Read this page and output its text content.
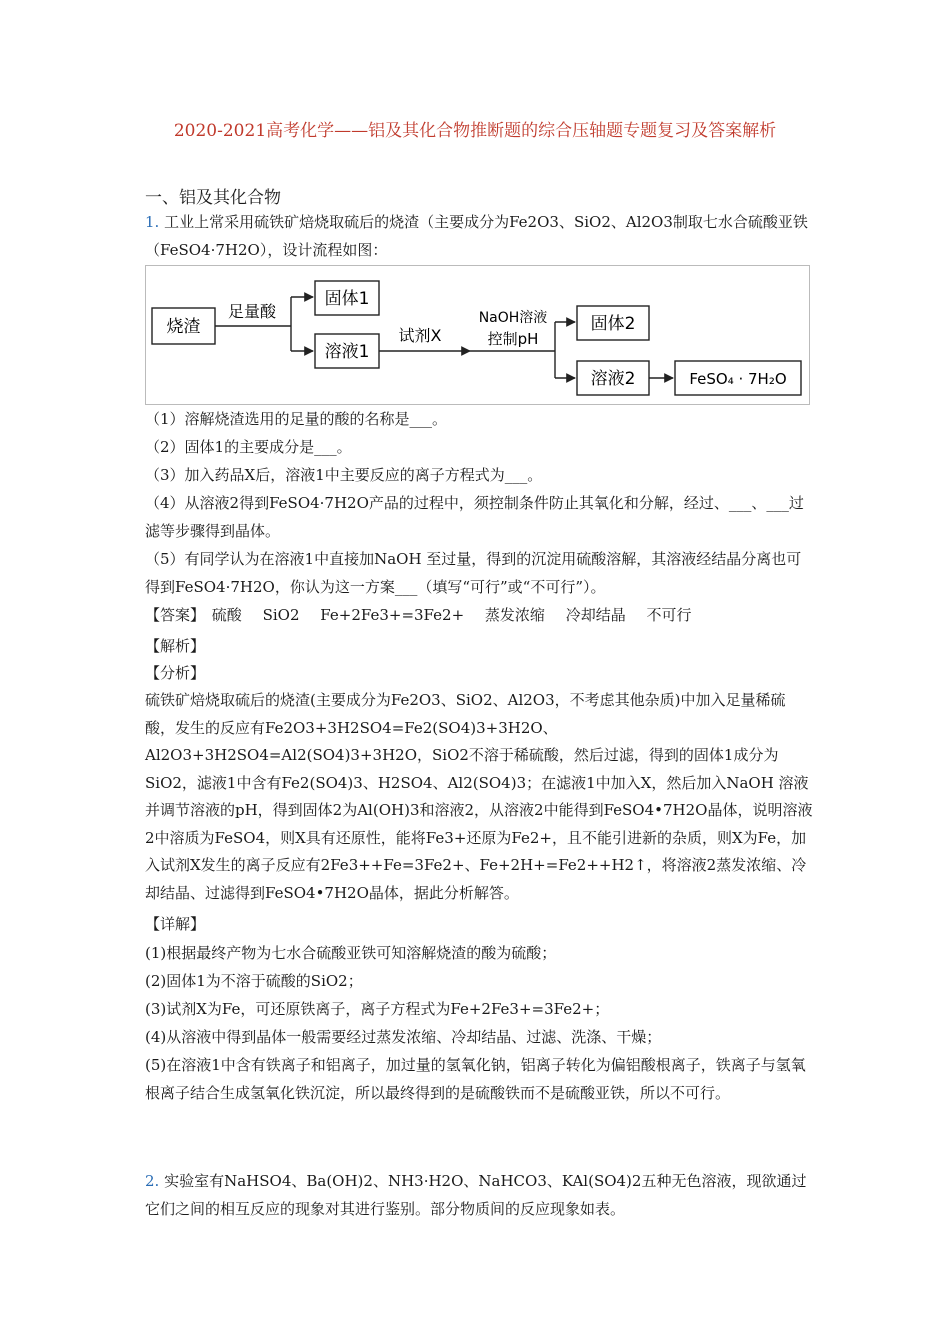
2020-2021高考化学——铝及其化合物推断题的综合压轴题专题复习及答案解析
一、铝及其化合物
1. 工业上常采用硫铁矿焙烧取硫后的烧渣（主要成分为Fe2O3、SiO2、Al2O3制取七水合硫酸亚铁（FeSO4·7H2O），设计流程如图：
烧渣
足量酸
固体1
溶液1
试剂X
NaOH溶液
控制pH
固体2
溶液2	FeSO₄ · 7H₂O
（1）溶解烧渣选用的足量的酸的名称是___。
（2）固体1的主要成分是___。
（3）加入药品X后，溶液1中主要反应的离子方程式为___。
（4）从溶液2得到FeSO4·7H2O产品的过程中，须控制条件防止其氧化和分解，经过、___、___过滤等步骤得到晶体。
（5）有同学认为在溶液1中直接加NaOH 至过量，得到的沉淀用硫酸溶解，其溶液经结晶分离也可得到FeSO4·7H2O，你认为这一方案___（填写“可行”或“不可行”）。
【答案】 硫酸 SiO2 Fe+2Fe3+=3Fe2+ 蒸发浓缩 冷却结晶 不可行
【解析】
【分析】
硫铁矿焙烧取硫后的烧渣(主要成分为Fe2O3、SiO2、Al2O3，不考虑其他杂质)中加入足量稀硫酸，发生的反应有Fe2O3+3H2SO4=Fe2(SO4)3+3H2O、Al2O3+3H2SO4=Al2(SO4)3+3H2O，SiO2不溶于稀硫酸，然后过滤，得到的固体1成分为SiO2，滤液1中含有Fe2(SO4)3、H2SO4、Al2(SO4)3；在滤液1中加入X，然后加入NaOH 溶液并调节溶液的pH，得到固体2为Al(OH)3和溶液2，从溶液2中能得到FeSO4•7H2O晶体，说明溶液2中溶质为FeSO4，则X具有还原性，能将Fe3+还原为Fe2+，且不能引进新的杂质，则X为Fe，加入试剂X发生的离子反应有2Fe3++Fe=3Fe2+、Fe+2H+=Fe2++H2↑，将溶液2蒸发浓缩、冷却结晶、过滤得到FeSO4•7H2O晶体，据此分析解答。
【详解】
(1)根据最终产物为七水合硫酸亚铁可知溶解烧渣的酸为硫酸；
(2)固体1为不溶于硫酸的SiO2；
(3)试剂X为Fe，可还原铁离子，离子方程式为Fe+2Fe3+=3Fe2+；
(4)从溶液中得到晶体一般需要经过蒸发浓缩、冷却结晶、过滤、洗涤、干燥；
(5)在溶液1中含有铁离子和铝离子，加过量的氢氧化钠，铝离子转化为偏铝酸根离子，铁离子与氢氧根离子结合生成氢氧化铁沉淀，所以最终得到的是硫酸铁而不是硫酸亚铁，所以不可行。
2. 实验室有NaHSO4、Ba(OH)2、NH3·H2O、NaHCO3、KAl(SO4)2五种无色溶液，现欲通过它们之间的相互反应的现象对其进行鉴别。部分物质间的反应现象如表。
